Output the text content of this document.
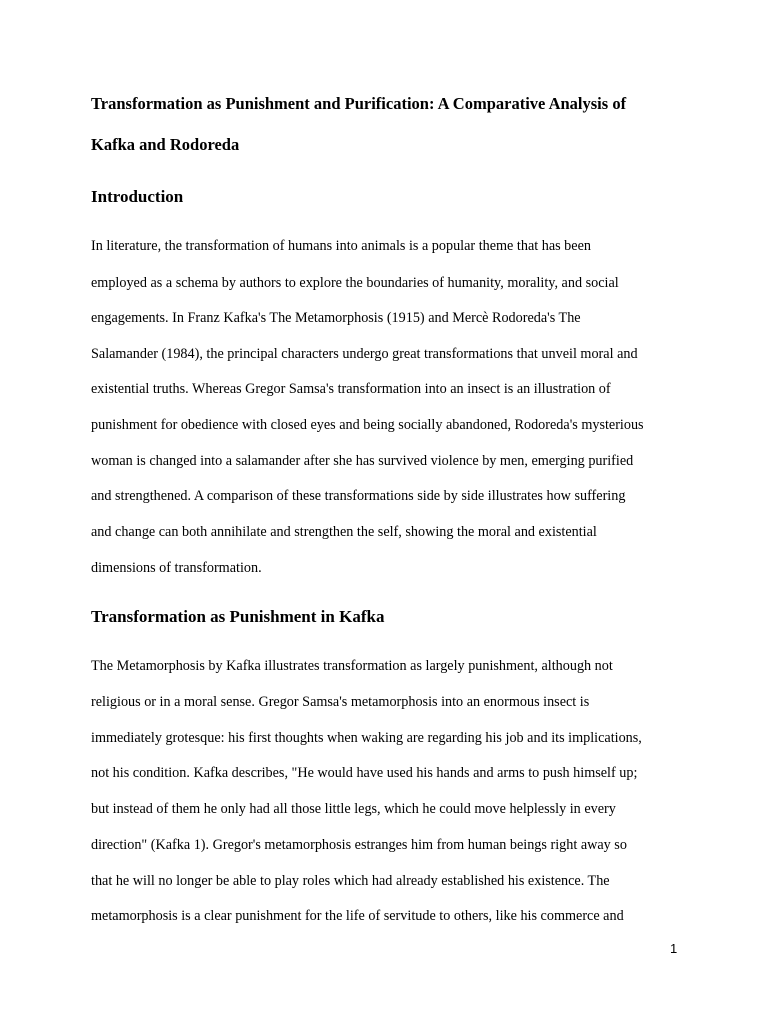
Transformation as Punishment and Purification: A Comparative Analysis of
Kafka and Rodoreda
Introduction
In literature, the transformation of humans into animals is a popular theme that has been
employed as a schema by authors to explore the boundaries of humanity, morality, and social
engagements. In Franz Kafka's The Metamorphosis (1915) and Mercè Rodoreda's The
Salamander (1984), the principal characters undergo great transformations that unveil moral and
existential truths. Whereas Gregor Samsa's transformation into an insect is an illustration of
punishment for obedience with closed eyes and being socially abandoned, Rodoreda's mysterious
woman is changed into a salamander after she has survived violence by men, emerging purified
and strengthened. A comparison of these transformations side by side illustrates how suffering
and change can both annihilate and strengthen the self, showing the moral and existential
dimensions of transformation.
Transformation as Punishment in Kafka
The Metamorphosis by Kafka illustrates transformation as largely punishment, although not
religious or in a moral sense. Gregor Samsa's metamorphosis into an enormous insect is
immediately grotesque: his first thoughts when waking are regarding his job and its implications,
not his condition. Kafka describes, "He would have used his hands and arms to push himself up;
but instead of them he only had all those little legs, which he could move helplessly in every
direction" (Kafka 1). Gregor's metamorphosis estranges him from human beings right away so
that he will no longer be able to play roles which had already established his existence. The
metamorphosis is a clear punishment for the life of servitude to others, like his commerce and
1
